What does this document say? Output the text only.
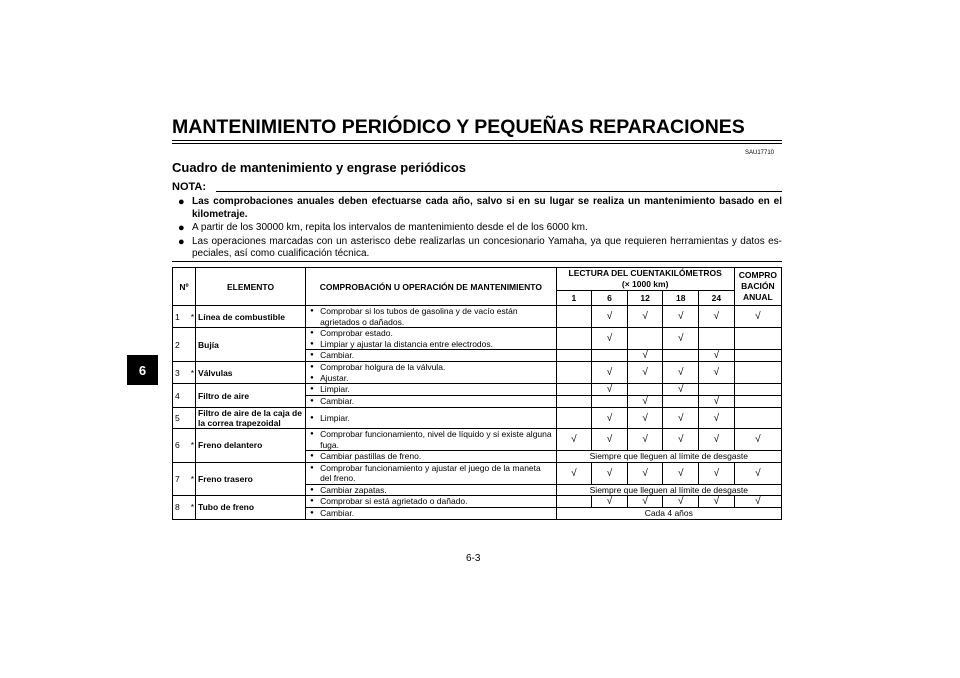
MANTENIMIENTO PERIÓDICO Y PEQUEÑAS REPARACIONES
6
SAU17710
Cuadro de mantenimiento y engrase periódicos
NOTA:
● Las comprobaciones anuales deben efectuarse cada año, salvo si en su lugar se realiza un mantenimiento basado en el kilometraje.
● A partir de los 30000 km, repita los intervalos de mantenimiento desde el de los 6000 km.
● Las operaciones marcadas con un asterisco debe realizarlas un concesionario Yamaha, ya que requieren herramientas y datos es-peciales, así como cualificación técnica.
Nº		ELEMENTO	COMPROBACIÓN U OPERACIÓN DE MANTENIMIENTO	LECTURA DEL CUENTAKILÓMETROS
(× 1000 km)					COMPRO BACIÓN ANUAL
				1	6	12	18	24	
1	*	Línea de combustible	● Comprobar si los tubos de gasolina y de vacío están agrietados o dañados.		√	√	√	√	√
2		Bujía	● Comprobar estado.
● Limpiar y ajustar la distancia entre electrodos.		√		√		

			● Cambiar.			√		√	
3	*	Válvulas	● Comprobar holgura de la válvula.
● Ajustar.		√	√	√	√	
4		Filtro de aire	● Limpiar.		√		√		

			● Cambiar.			√		√	
5		Filtro de aire de la caja de la correa trapezoidal	● Limpiar.		√	√	√	√	
6	*	Freno delantero	● Comprobar funcionamiento, nivel de líquido y si existe alguna fuga.	√	√	√	√	√	√

			● Cambiar pastillas de freno.	Siempre que lleguen al límite de desgaste					
7	*	Freno trasero	● Comprobar funcionamiento y ajustar el juego de la maneta del freno.	√	√	√	√	√	√

			● Cambiar zapatas.	Siempre que lleguen al límite de desgaste					
8	*	Tubo de freno	● Comprobar si está agrietado o dañado.		√	√	√	√	√

			● Cambiar.	Cada 4 años					
6-3
